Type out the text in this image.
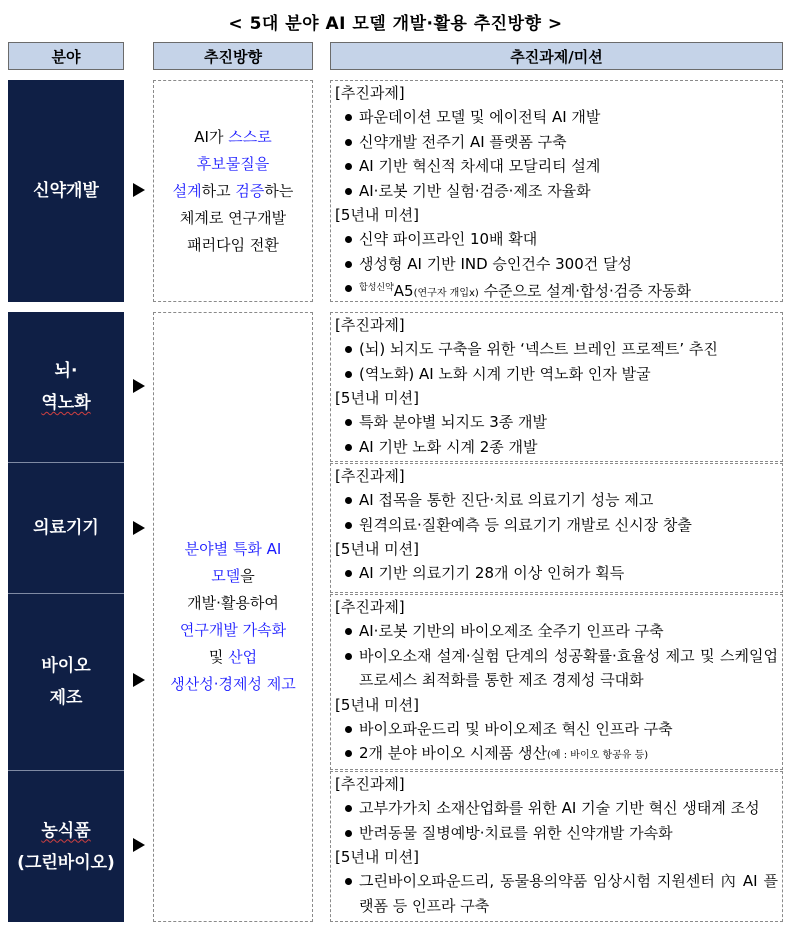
< 5대 분야 AI 모델 개발·활용 추진방향 >
분야	추진방향	추진과제/미션
신약개발
뇌·
역노화
의료기기
바이오
제조
농식품
(그린바이오)
AI가 스스로
후보물질을
설계하고 검증하는
체계로 연구개발
패러다임 전환
분야별 특화 AI
모델을
개발·활용하여
연구개발 가속화
및 산업
생산성·경제성 제고
[추진과제]
파운데이션 모델 및 에이전틱 AI 개발
신약개발 전주기 AI 플랫폼 구축
AI 기반 혁신적 차세대 모달리티 설계
AI·로봇 기반 실험·검증·제조 자율화
[5년내 미션]
신약 파이프라인 10배 확대
생성형 AI 기반 IND 승인건수 300건 달성
$^{합성신약}$A5(연구자 개입x) 수준으로 설계·합성·검증 자동화
[추진과제]
(뇌) 뇌지도 구축을 위한 ‘넥스트 브레인 프로젝트’ 추진
(역노화) AI 노화 시계 기반 역노화 인자 발굴
[5년내 미션]
특화 분야별 뇌지도 3종 개발
AI 기반 노화 시계 2종 개발
[추진과제]
AI 접목을 통한 진단·치료 의료기기 성능 제고
원격의료·질환예측 등 의료기기 개발로 신시장 창출
[5년내 미션]
AI 기반 의료기기 28개 이상 인허가 획득
[추진과제]
AI·로봇 기반의 바이오제조 全주기 인프라 구축
바이오소재 설계·실험 단계의 성공확률·효율성 제고 및 스케일업 프로세스 최적화를 통한 제조 경제성 극대화
[5년내 미션]
바이오파운드리 및 바이오제조 혁신 인프라 구축
2개 분야 바이오 시제품 생산(예 : 바이오 항공유 등)
[추진과제]
고부가가치 소재산업화를 위한 AI 기술 기반 혁신 생태계 조성
반려동물 질병예방·치료를 위한 신약개발 가속화
[5년내 미션]
그린바이오파운드리, 동물용의약품 임상시험 지원센터 內 AI 플랫폼 등 인프라 구축
